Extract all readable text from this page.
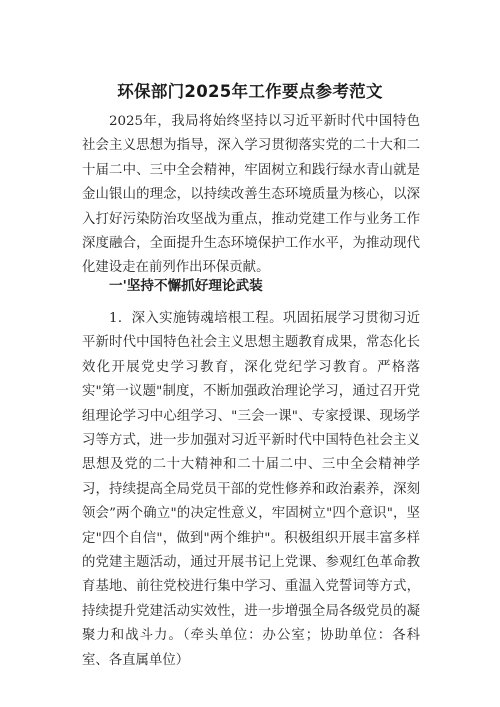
环保部门2025年工作要点参考范文

2025年，我局将始终坚持以习近平新时代中国特色社会主义思想为指导，深入学习贯彻落实党的二十大和二十届二中、三中全会精神，牢固树立和践行绿水青山就是金山银山的理念，以持续改善生态环境质量为核心，以深入打好污染防治攻坚战为重点，推动党建工作与业务工作深度融合，全面提升生态环境保护工作水平，为推动现代化建设走在前列作出环保贡献。

一'坚持不懈抓好理论武装

1．深入实施铸魂培根工程。巩固拓展学习贯彻习近平新时代中国特色社会主义思想主题教育成果，常态化长效化开展党史学习教育，深化党纪学习教育。严格落实"第一议题"制度，不断加强政治理论学习，通过召开党组理论学习中心组学习、"三会一课"、专家授课、现场学习等方式，进一步加强对习近平新时代中国特色社会主义思想及党的二十大精神和二十届二中、三中全会精神学习，持续提高全局党员干部的党性修养和政治素养，深刻领会”两个确立"的决定性意义，牢固树立"四个意识"，坚定"四个自信"，做到"两个维护"。积极组织开展丰富多样的党建主题活动，通过开展书记上党课、参观红色革命教育基地、前往党校进行集中学习、重温入党誓词等方式，持续提升党建活动实效性，进一步增强全局各级党员的凝聚力和战斗力。（牵头单位：办公室；协助单位：各科室、各直属单位）
